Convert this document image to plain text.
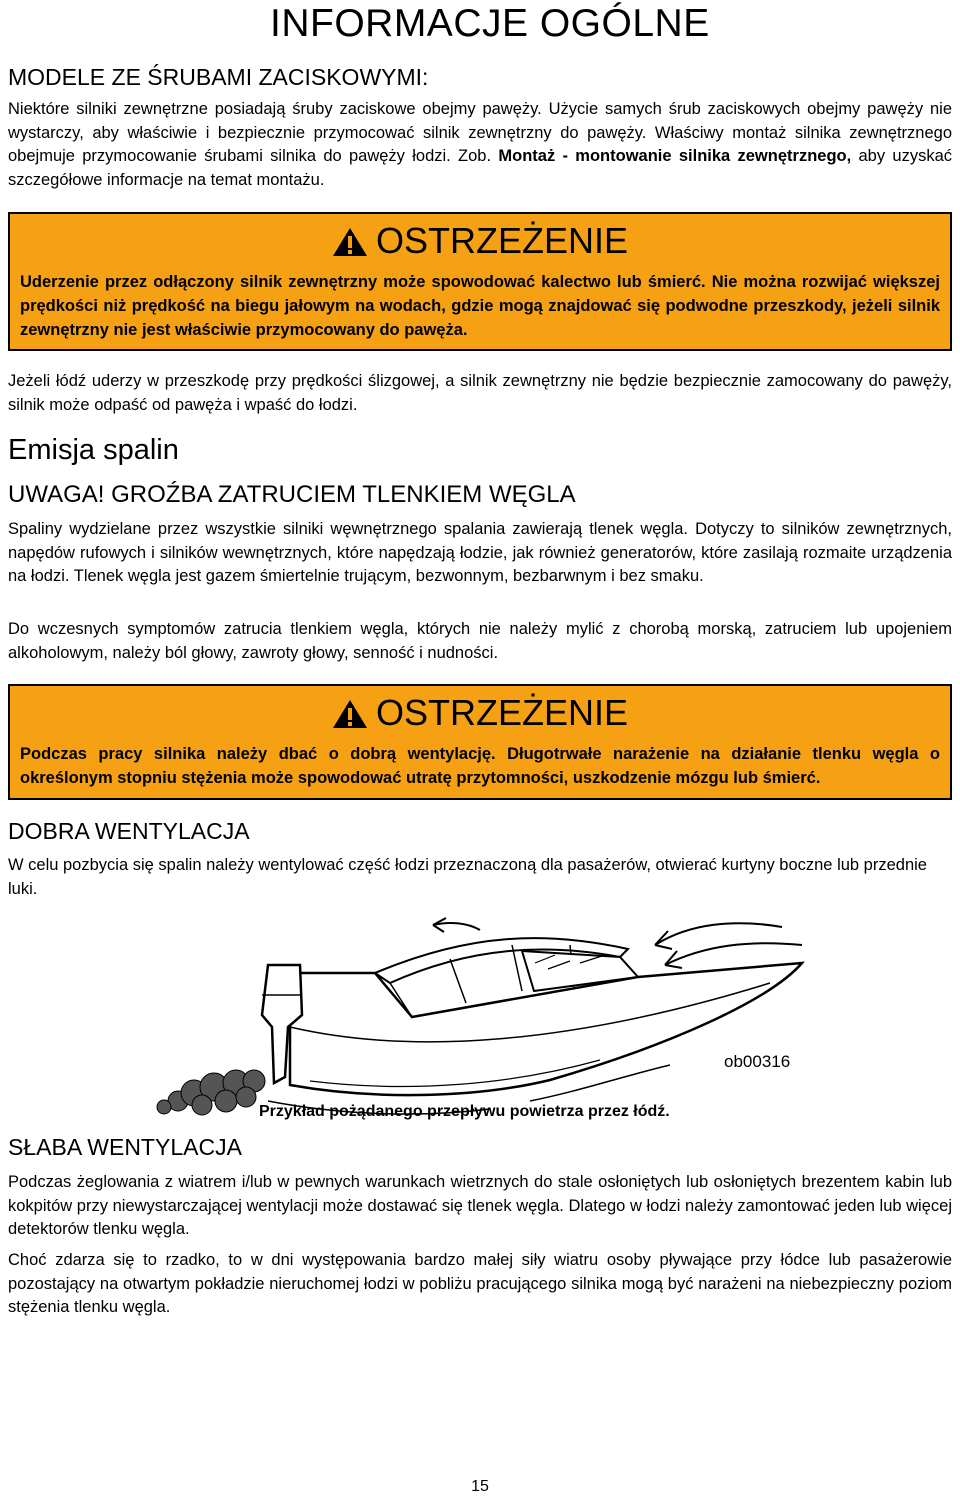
INFORMACJE OGÓLNE
MODELE ZE ŚRUBAMI ZACISKOWYMI:
Niektóre silniki zewnętrzne posiadają śruby zaciskowe obejmy pawęży. Użycie samych śrub zaciskowych obejmy pawęży nie wystarczy, aby właściwie i bezpiecznie przymocować silnik zewnętrzny do pawęży. Właściwy montaż silnika zewnętrznego obejmuje przymocowanie śrubami silnika do pawęży łodzi. Zob. Montaż - montowanie silnika zewnętrznego, aby uzyskać szczegółowe informacje na temat montażu.
OSTRZEŻENIE
Uderzenie przez odłączony silnik zewnętrzny może spowodować kalectwo lub śmierć. Nie można rozwijać większej prędkości niż prędkość na biegu jałowym na wodach, gdzie mogą znajdować się podwodne przeszkody, jeżeli silnik zewnętrzny nie jest właściwie przymocowany do pawęża.
Jeżeli łódź uderzy w przeszkodę przy prędkości ślizgowej, a silnik zewnętrzny nie będzie bezpiecznie zamocowany do pawęży, silnik może odpaść od pawęża i wpaść do łodzi.
Emisja spalin
UWAGA! GROŹBA ZATRUCIEM TLENKIEM WĘGLA
Spaliny wydzielane przez wszystkie silniki węwnętrznego spalania zawierają tlenek węgla. Dotyczy to silników zewnętrznych, napędów rufowych i silników wewnętrznych, które napędzają łodzie, jak również generatorów, które zasilają rozmaite urządzenia na łodzi. Tlenek węgla jest gazem śmiertelnie trującym, bezwonnym, bezbarwnym i bez smaku.
Do wczesnych symptomów zatrucia tlenkiem węgla, których nie należy mylić z chorobą morską, zatruciem lub upojeniem alkoholowym, należy ból głowy, zawroty głowy, senność i nudności.
OSTRZEŻENIE
Podczas pracy silnika należy dbać o dobrą wentylację. Długotrwałe narażenie na działanie tlenku węgla o określonym stopniu stężenia może spowodować utratę przytomności, uszkodzenie mózgu lub śmierć.
DOBRA WENTYLACJA
W celu pozbycia się spalin należy wentylować część łodzi przeznaczoną dla pasażerów, otwierać kurtyny boczne lub przednie luki.
ob00316
Przykład pożądanego przepływu powietrza przez łódź.
SŁABA WENTYLACJA
Podczas żeglowania z wiatrem i/lub w pewnych warunkach wietrznych do stale osłoniętych lub osłoniętych brezentem kabin lub kokpitów przy niewystarczającej wentylacji może dostawać się tlenek węgla. Dlatego w łodzi należy zamontować jeden lub więcej detektorów tlenku węgla.
Choć zdarza się to rzadko, to w dni występowania bardzo małej siły wiatru osoby pływające przy łódce lub pasażerowie pozostający na otwartym pokładzie nieruchomej łodzi w pobliżu pracującego silnika mogą być narażeni na niebezpieczny poziom stężenia tlenku węgla.
15
